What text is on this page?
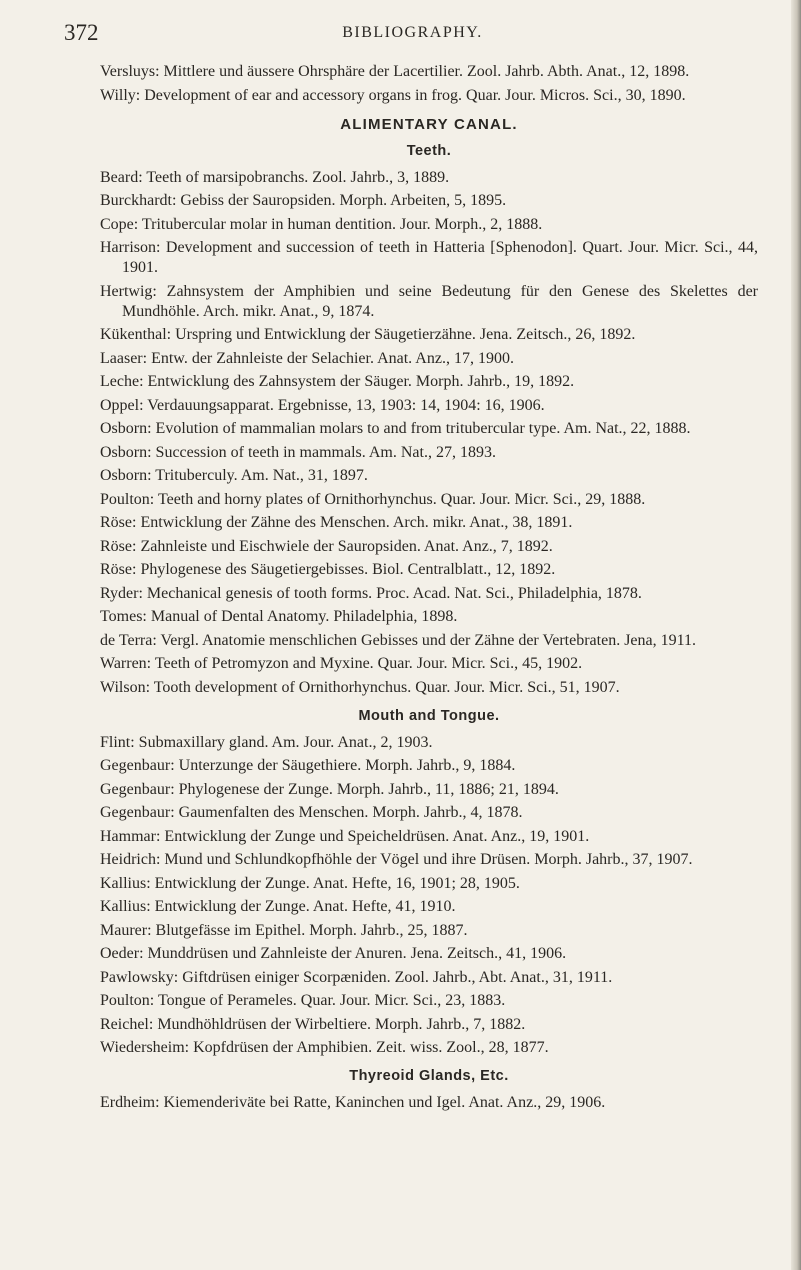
372	BIBLIOGRAPHY.
Versluys: Mittlere und äussere Ohrsphäre der Lacertilier. Zool. Jahrb. Abth. Anat., 12, 1898.
Willy: Development of ear and accessory organs in frog. Quar. Jour. Micros. Sci., 30, 1890.
ALIMENTARY CANAL.
Teeth.
Beard: Teeth of marsipobranchs. Zool. Jahrb., 3, 1889.
Burckhardt: Gebiss der Sauropsiden. Morph. Arbeiten, 5, 1895.
Cope: Tritubercular molar in human dentition. Jour. Morph., 2, 1888.
Harrison: Development and succession of teeth in Hatteria [Sphenodon]. Quart. Jour. Micr. Sci., 44, 1901.
Hertwig: Zahnsystem der Amphibien und seine Bedeutung für den Genese des Skelettes der Mundhöhle. Arch. mikr. Anat., 9, 1874.
Kükenthal: Urspring und Entwicklung der Säugetierzähne. Jena. Zeitsch., 26, 1892.
Laaser: Entw. der Zahnleiste der Selachier. Anat. Anz., 17, 1900.
Leche: Entwicklung des Zahnsystem der Säuger. Morph. Jahrb., 19, 1892.
Oppel: Verdauungsapparat. Ergebnisse, 13, 1903: 14, 1904: 16, 1906.
Osborn: Evolution of mammalian molars to and from tritubercular type. Am. Nat., 22, 1888.
Osborn: Succession of teeth in mammals. Am. Nat., 27, 1893.
Osborn: Trituberculy. Am. Nat., 31, 1897.
Poulton: Teeth and horny plates of Ornithorhynchus. Quar. Jour. Micr. Sci., 29, 1888.
Röse: Entwicklung der Zähne des Menschen. Arch. mikr. Anat., 38, 1891.
Röse: Zahnleiste und Eischwiele der Sauropsiden. Anat. Anz., 7, 1892.
Röse: Phylogenese des Säugetiergebisses. Biol. Centralblatt., 12, 1892.
Ryder: Mechanical genesis of tooth forms. Proc. Acad. Nat. Sci., Philadelphia, 1878.
Tomes: Manual of Dental Anatomy. Philadelphia, 1898.
de Terra: Vergl. Anatomie menschlichen Gebisses und der Zähne der Vertebraten. Jena, 1911.
Warren: Teeth of Petromyzon and Myxine. Quar. Jour. Micr. Sci., 45, 1902.
Wilson: Tooth development of Ornithorhynchus. Quar. Jour. Micr. Sci., 51, 1907.
Mouth and Tongue.
Flint: Submaxillary gland. Am. Jour. Anat., 2, 1903.
Gegenbaur: Unterzunge der Säugethiere. Morph. Jahrb., 9, 1884.
Gegenbaur: Phylogenese der Zunge. Morph. Jahrb., 11, 1886; 21, 1894.
Gegenbaur: Gaumenfalten des Menschen. Morph. Jahrb., 4, 1878.
Hammar: Entwicklung der Zunge und Speicheldrüsen. Anat. Anz., 19, 1901.
Heidrich: Mund und Schlundkopfhöhle der Vögel und ihre Drüsen. Morph. Jahrb., 37, 1907.
Kallius: Entwicklung der Zunge. Anat. Hefte, 16, 1901; 28, 1905.
Kallius: Entwicklung der Zunge. Anat. Hefte, 41, 1910.
Maurer: Blutgefässe im Epithel. Morph. Jahrb., 25, 1887.
Oeder: Munddrüsen und Zahnleiste der Anuren. Jena. Zeitsch., 41, 1906.
Pawlowsky: Giftdrüsen einiger Scorpæniden. Zool. Jahrb., Abt. Anat., 31, 1911.
Poulton: Tongue of Perameles. Quar. Jour. Micr. Sci., 23, 1883.
Reichel: Mundhöhldrüsen der Wirbeltiere. Morph. Jahrb., 7, 1882.
Wiedersheim: Kopfdrüsen der Amphibien. Zeit. wiss. Zool., 28, 1877.
Thyreoid Glands, Etc.
Erdheim: Kiemenderiväte bei Ratte, Kaninchen und Igel. Anat. Anz., 29, 1906.
